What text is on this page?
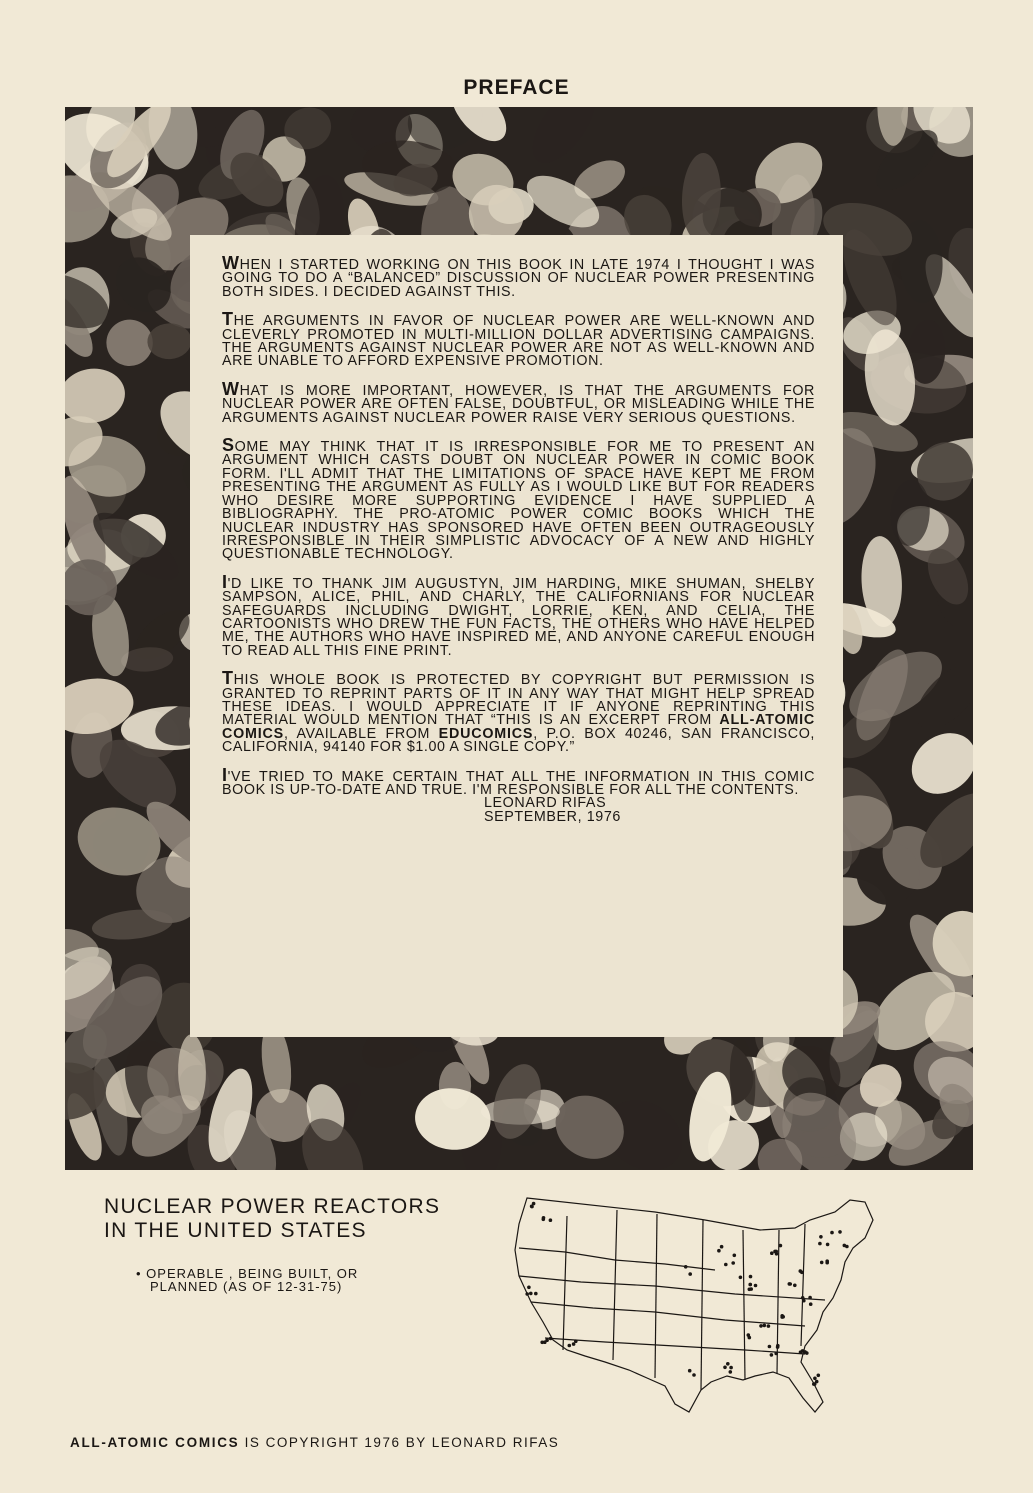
PREFACE

WHEN I STARTED WORKING ON THIS BOOK IN LATE 1974 I THOUGHT I WAS GOING TO DO A “BALANCED” DISCUSSION OF NUCLEAR POWER PRESENTING BOTH SIDES. I DECIDED AGAINST THIS.

THE ARGUMENTS IN FAVOR OF NUCLEAR POWER ARE WELL-KNOWN AND CLEVERLY PROMOTED IN MULTI-MILLION DOLLAR ADVERTISING CAMPAIGNS. THE ARGUMENTS AGAINST NUCLEAR POWER ARE NOT AS WELL-KNOWN AND ARE UNABLE TO AFFORD EXPENSIVE PROMOTION.

WHAT IS MORE IMPORTANT, HOWEVER, IS THAT THE ARGUMENTS FOR NUCLEAR POWER ARE OFTEN FALSE, DOUBTFUL, OR MISLEADING WHILE THE ARGUMENTS AGAINST NUCLEAR POWER RAISE VERY SERIOUS QUESTIONS.

SOME MAY THINK THAT IT IS IRRESPONSIBLE FOR ME TO PRESENT AN ARGUMENT WHICH CASTS DOUBT ON NUCLEAR POWER IN COMIC BOOK FORM. I'LL ADMIT THAT THE LIMITATIONS OF SPACE HAVE KEPT ME FROM PRESENTING THE ARGUMENT AS FULLY AS I WOULD LIKE BUT FOR READERS WHO DESIRE MORE SUPPORTING EVIDENCE I HAVE SUPPLIED A BIBLIOGRAPHY. THE PRO-ATOMIC POWER COMIC BOOKS WHICH THE NUCLEAR INDUSTRY HAS SPONSORED HAVE OFTEN BEEN OUTRAGEOUSLY IRRESPONSIBLE IN THEIR SIMPLISTIC ADVOCACY OF A NEW AND HIGHLY QUESTIONABLE TECHNOLOGY.

I'D LIKE TO THANK JIM AUGUSTYN, JIM HARDING, MIKE SHUMAN, SHELBY SAMPSON, ALICE, PHIL, AND CHARLY, THE CALIFORNIANS FOR NUCLEAR SAFEGUARDS INCLUDING DWIGHT, LORRIE, KEN, AND CELIA, THE CARTOONISTS WHO DREW THE FUN FACTS, THE OTHERS WHO HAVE HELPED ME, THE AUTHORS WHO HAVE INSPIRED ME, AND ANYONE CAREFUL ENOUGH TO READ ALL THIS FINE PRINT.

THIS WHOLE BOOK IS PROTECTED BY COPYRIGHT BUT PERMISSION IS GRANTED TO REPRINT PARTS OF IT IN ANY WAY THAT MIGHT HELP SPREAD THESE IDEAS. I WOULD APPRECIATE IT IF ANYONE REPRINTING THIS MATERIAL WOULD MENTION THAT “THIS IS AN EXCERPT FROM ALL-ATOMIC COMICS, AVAILABLE FROM EDUCOMICS, P.O. BOX 40246, SAN FRANCISCO, CALIFORNIA, 94140 FOR $1.00 A SINGLE COPY.”

I'VE TRIED TO MAKE CERTAIN THAT ALL THE INFORMATION IN THIS COMIC BOOK IS UP-TO-DATE AND TRUE. I'M RESPONSIBLE FOR ALL THE CONTENTS.

LEONARD RIFAS
SEPTEMBER, 1976
NUCLEAR POWER REACTORS
IN THE UNITED STATES
• OPERABLE , BEING BUILT, OR
PLANNED (AS OF 12-31-75)
ALL-ATOMIC COMICS IS COPYRIGHT 1976 BY LEONARD RIFAS
